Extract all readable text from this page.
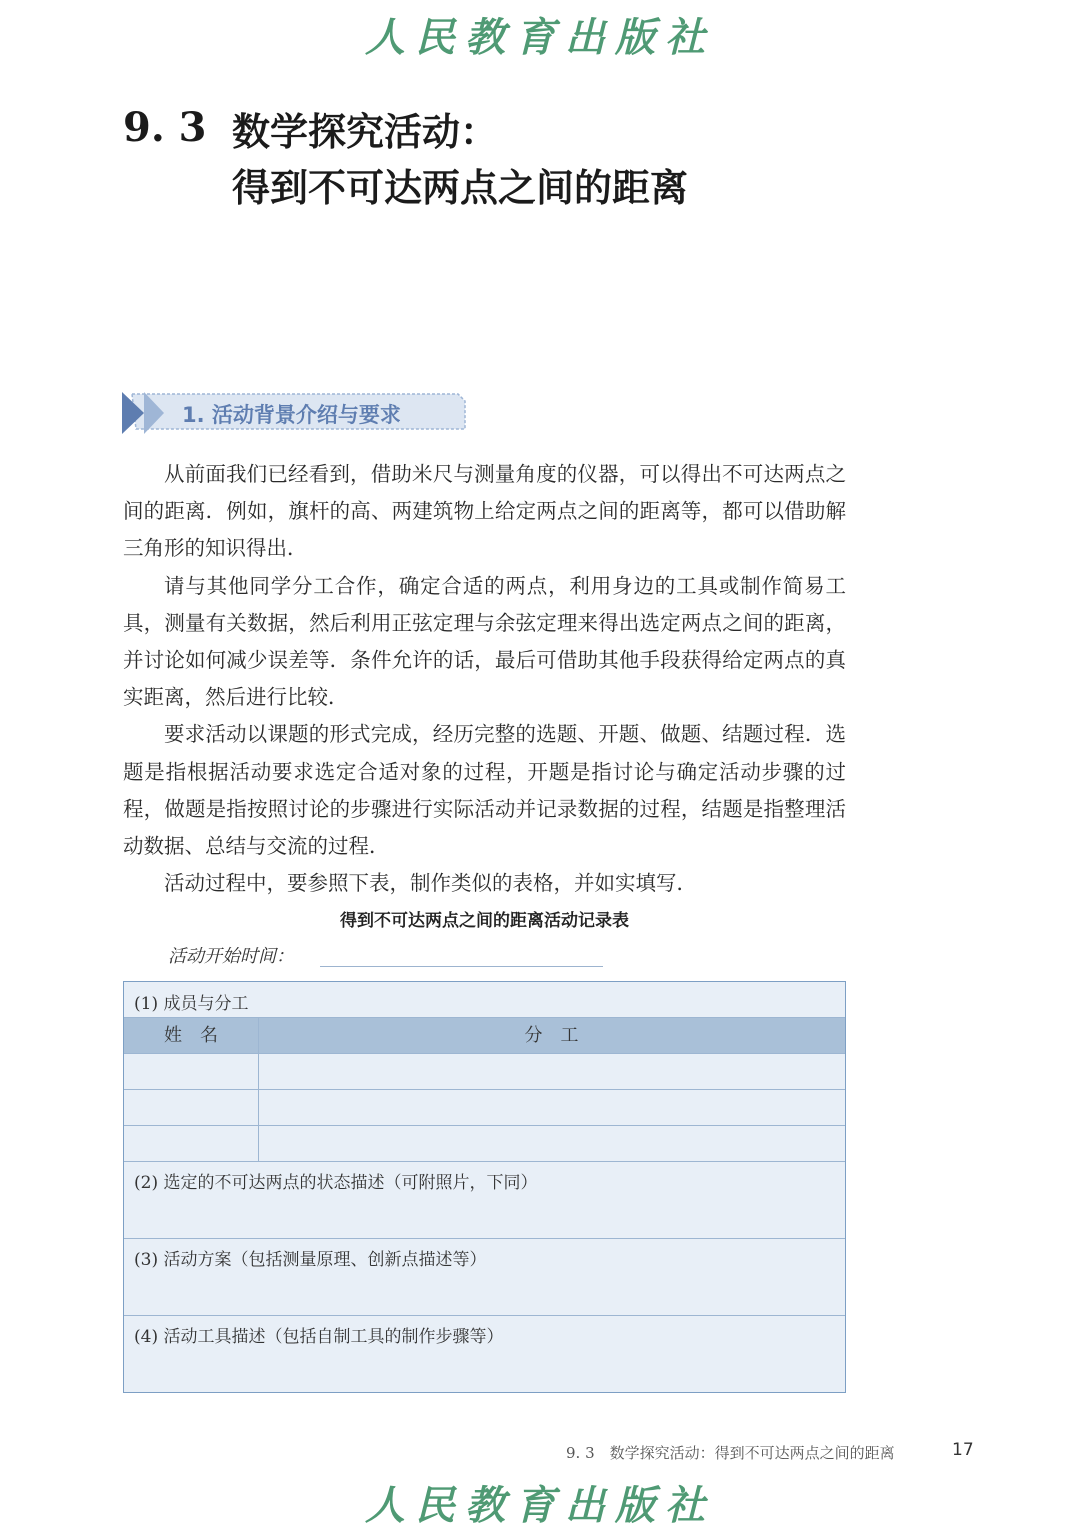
人民教育出版社
9. 3 数学探究活动：
得到不可达两点之间的距离
1. 活动背景介绍与要求

从前面我们已经看到，借助米尺与测量角度的仪器，可以得出不可达两点之间的距离．例如，旗杆的高、两建筑物上给定两点之间的距离等，都可以借助解三角形的知识得出．

请与其他同学分工合作，确定合适的两点，利用身边的工具或制作简易工具，测量有关数据，然后利用正弦定理与余弦定理来得出选定两点之间的距离，并讨论如何减少误差等．条件允许的话，最后可借助其他手段获得给定两点的真实距离，然后进行比较．

要求活动以课题的形式完成，经历完整的选题、开题、做题、结题过程．选题是指根据活动要求选定合适对象的过程，开题是指讨论与确定活动步骤的过程，做题是指按照讨论的步骤进行实际活动并记录数据的过程，结题是指整理活动数据、总结与交流的过程．

活动过程中，要参照下表，制作类似的表格，并如实填写．

得到不可达两点之间的距离活动记录表
活动开始时间：
(1) 成员与分工
姓　名	分　工
(2) 选定的不可达两点的状态描述（可附照片，下同）
(3) 活动方案（包括测量原理、创新点描述等）
(4) 活动工具描述（包括自制工具的制作步骤等）
9. 3　数学探究活动：得到不可达两点之间的距离	17
人民教育出版社
